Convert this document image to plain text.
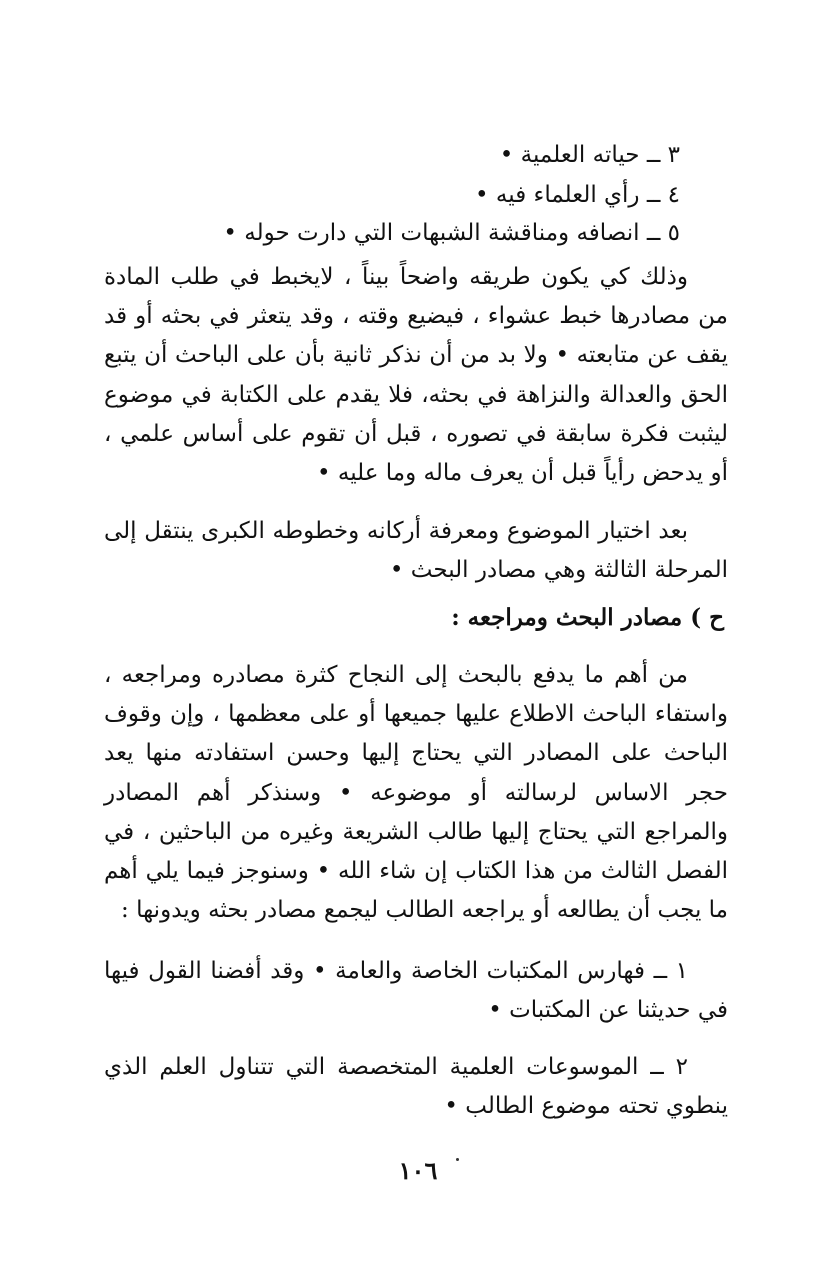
٣ ــ حياته العلمية •
٤ ــ رأي العلماء فيه •
٥ ــ انصافه ومناقشة الشبهات التي دارت حوله •

وذلك كي يكون طريقه واضحاً بيناً ، لايخبط في طلب المادة من مصادرها خبط عشواء ، فيضيع وقته ، وقد يتعثر في بحثه أو قد يقف عن متابعته • ولا بد من أن نذكر ثانية بأن على الباحث أن يتبع الحق والعدالة والنزاهة في بحثه، فلا يقدم على الكتابة في موضوع ليثبت فكرة سابقة في تصوره ، قبل أن تقوم على أساس علمي ، أو يدحض رأياً قبل أن يعرف ماله وما عليه •

بعد اختيار الموضوع ومعرفة أركانه وخطوطه الكبرى ينتقل إلى المرحلة الثالثة وهي مصادر البحث •

ح ) مصادر البحث ومراجعه :

من أهم ما يدفع بالبحث إلى النجاح كثرة مصادره ومراجعه ، واستفاء الباحث الاطلاع عليها جميعها أو على معظمها ، وإن وقوف الباحث على المصادر التي يحتاج إليها وحسن استفادته منها يعد حجر الاساس لرسالته أو موضوعه • وسنذكر أهم المصادر والمراجع التي يحتاج إليها طالب الشريعة وغيره من الباحثين ، في الفصل الثالث من هذا الكتاب إن شاء الله • وسنوجز فيما يلي أهم ما يجب أن يطالعه أو يراجعه الطالب ليجمع مصادر بحثه ويدونها :

١ ــ فهارس المكتبات الخاصة والعامة • وقد أفضنا القول فيها في حديثنا عن المكتبات •

٢ ــ الموسوعات العلمية المتخصصة التي تتناول العلم الذي ينطوي تحته موضوع الطالب •

١٠٦
